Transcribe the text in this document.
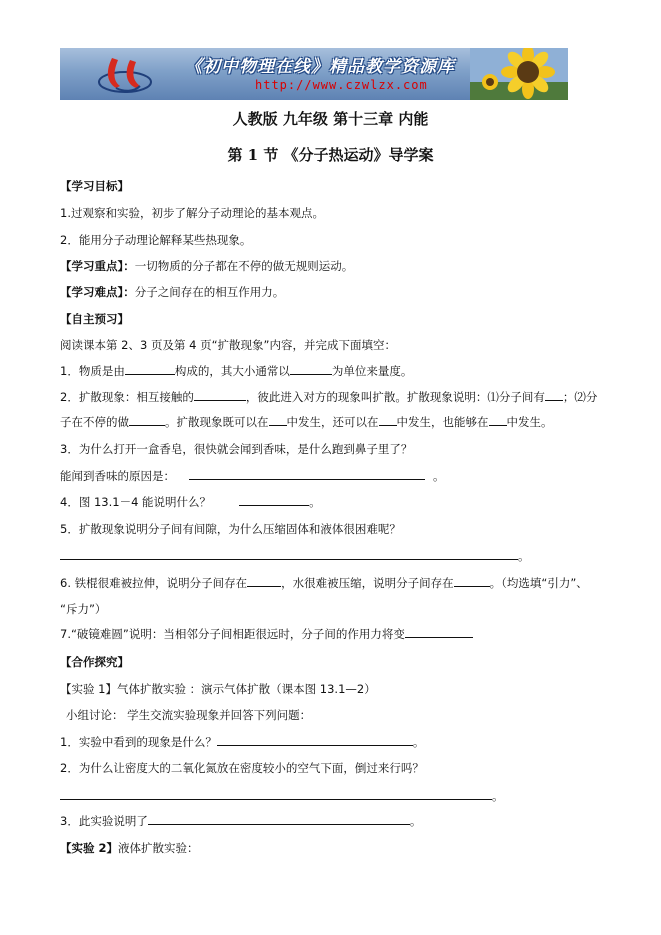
《初中物理在线》精品教学资源库
http://www.czwlzx.com
人教版 九年级 第十三章 内能
第 1 节 《分子热运动》导学案
【学习目标】
1.过观察和实验，初步了解分子动理论的基本观点。
2．能用分子动理论解释某些热现象。
【学习重点】：一切物质的分子都在不停的做无规则运动。
【学习难点】：分子之间存在的相互作用力。
【自主预习】
阅读课本第 2、3 页及第 4 页“扩散现象”内容，并完成下面填空：
1．物质是由	构成的，其大小通常以	为单位来量度。
2．扩散现象：相互接触的	，彼此进入对方的现象叫扩散。扩散现象说明：⑴分子间有 ；⑵分
子在不停的做	。扩散现象既可以在 中发生，还可以在 中发生，也能够在 中发生。
3．为什么打开一盒香皂，很快就会闻到香味，是什么跑到鼻子里了？
能闻到香味的原因是：	。
4．图 13.1－4 能说明什么？	。
5．扩散现象说明分子间有间隙，为什么压缩固体和液体很困难呢？
。
6. 铁棍很难被拉伸，说明分子间存在	，水很难被压缩，说明分子间存在	。（均选填“引力”、
“斥力”）
7.“破镜难圆”说明：当相邻分子间相距很远时，分子间的作用力将变
【合作探究】
【实验 1】气体扩散实验 ：演示气体扩散（课本图 13.1—2）
小组讨论： 学生交流实验现象并回答下列问题：
1．实验中看到的现象是什么？	。
2．为什么让密度大的二氧化氮放在密度较小的空气下面，倒过来行吗？
。
3．此实验说明了	。
【实验 2】液体扩散实验：
